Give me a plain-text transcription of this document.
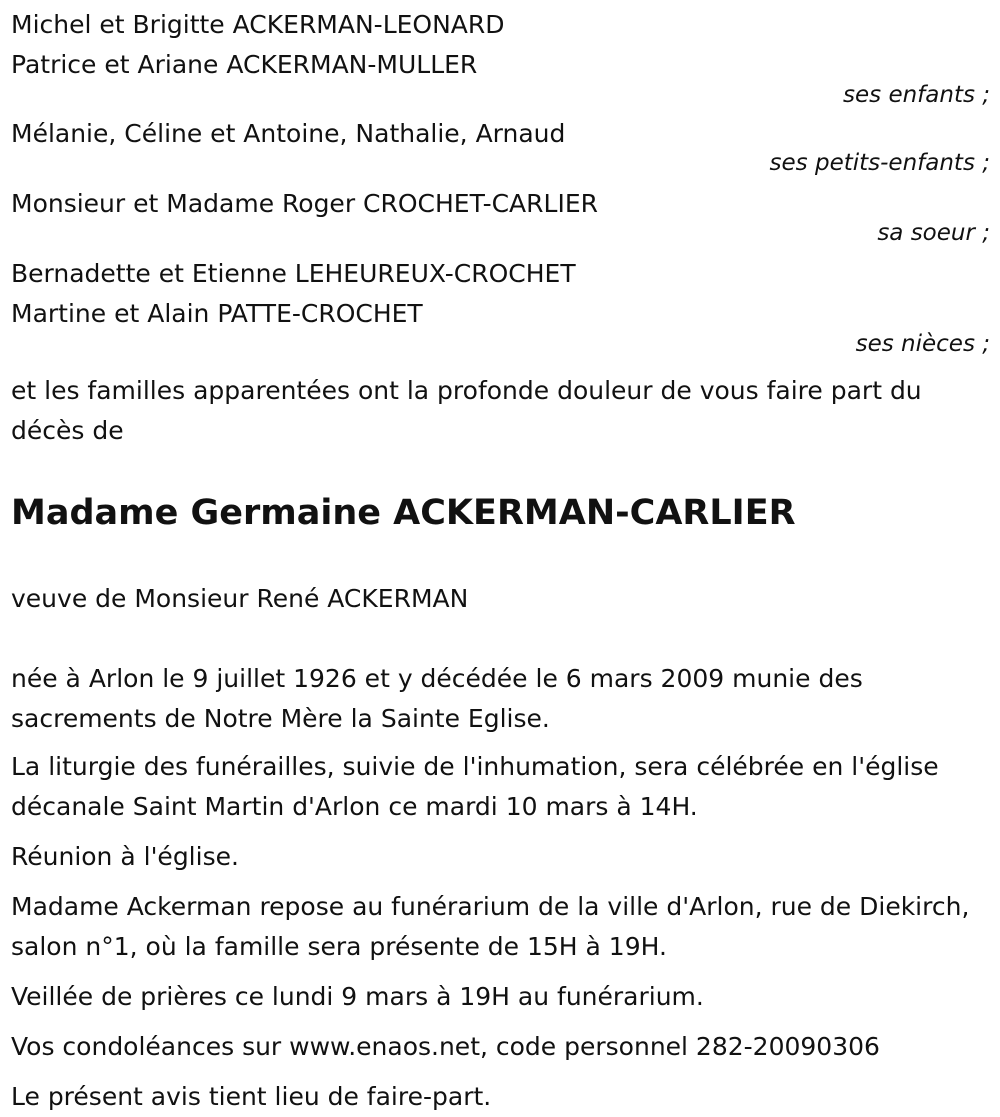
Michel et Brigitte ACKERMAN-LEONARD
Patrice et Ariane ACKERMAN-MULLER
ses enfants ;
Mélanie, Céline et Antoine, Nathalie, Arnaud
ses petits-enfants ;
Monsieur et Madame Roger CROCHET-CARLIER
sa soeur ;
Bernadette et Etienne LEHEUREUX-CROCHET
Martine et Alain PATTE-CROCHET
ses nièces ;
et les familles apparentées ont la profonde douleur de vous faire part du décès de
Madame Germaine ACKERMAN-CARLIER
veuve de Monsieur René ACKERMAN
née à Arlon le 9 juillet 1926 et y décédée le 6 mars 2009 munie des sacrements de Notre Mère la Sainte Eglise.
La liturgie des funérailles, suivie de l'inhumation, sera célébrée en l'église décanale Saint Martin d'Arlon ce mardi 10 mars à 14H.
Réunion à l'église.
Madame Ackerman repose au funérarium de la ville d'Arlon, rue de Diekirch, salon n°1, où la famille sera présente de 15H à 19H.
Veillée de prières ce lundi 9 mars à 19H au funérarium.
Vos condoléances sur www.enaos.net, code personnel 282-20090306
Le présent avis tient lieu de faire-part.
